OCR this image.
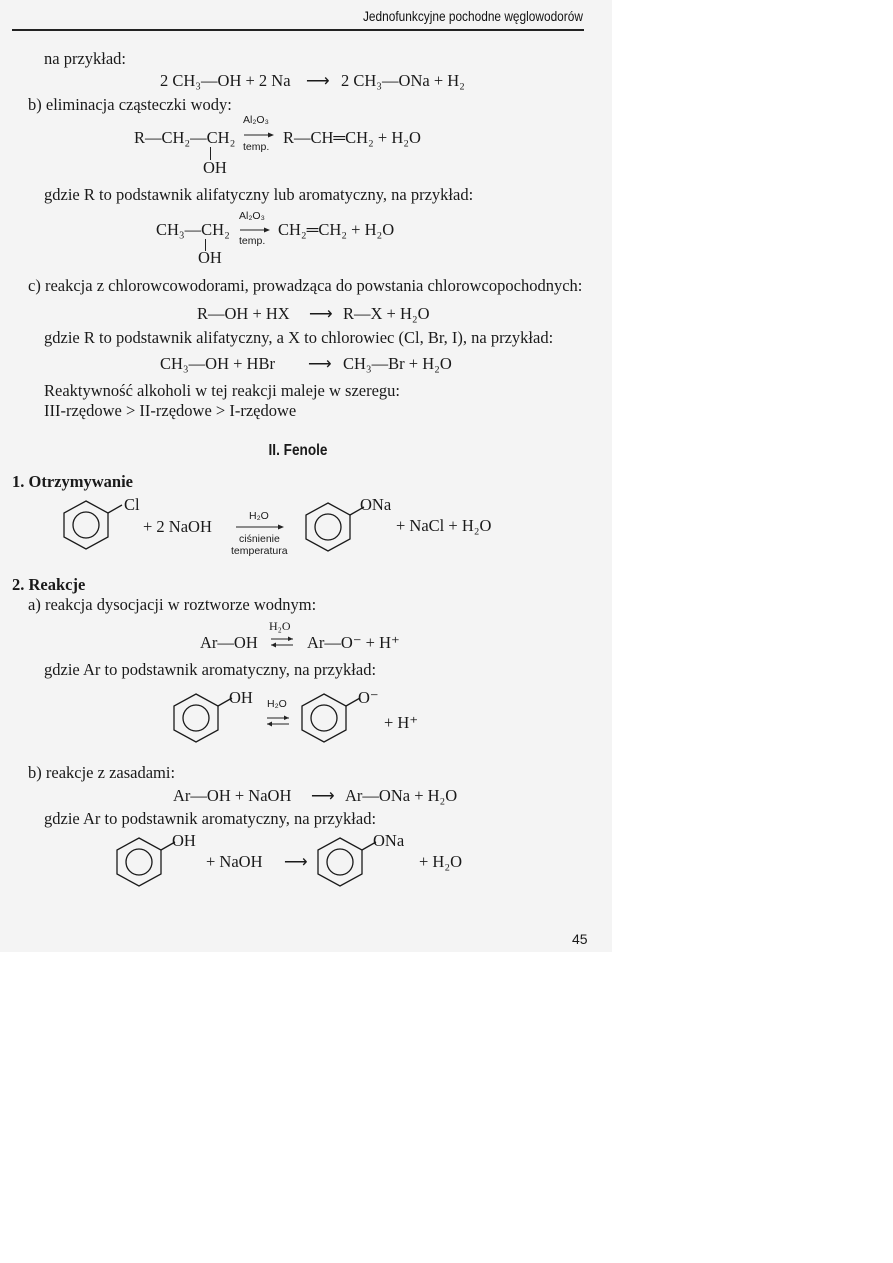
Jednofunkcyjne pochodne węglowodorów
na przykład:
2 CH₃—OH + 2 Na ⟶ 2 CH₃—ONa + H₂
b) eliminacja cząsteczki wody:
R—CH₂—CH₂
OH
Al₂O₃
temp. R—CH═CH₂ + H₂O
gdzie R to podstawnik alifatyczny lub aromatyczny, na przykład:
CH₃—CH₂
OH
Al₂O₃
temp.
CH₂═CH₂ + H₂O
c) reakcja z chlorowcowodorami, prowadząca do powstania chlorowcopochodnych:
R—OH + HX ⟶ R—X + H₂O
gdzie R to podstawnik alifatyczny, a X to chlorowiec (Cl, Br, I), na przykład:
CH₃—OH + HBr ⟶ CH₃—Br + H₂O
Reaktywność alkoholi w tej reakcji maleje w szeregu:
III-rzędowe > II-rzędowe > I-rzędowe
II. Fenole
1. Otrzymywanie
Cl
+ 2 NaOH
H₂O
ciśnienie
temperatura
ONa
+ NaCl + H₂O
2. Reakcje
a) reakcja dysocjacji w roztworze wodnym:
H₂O
Ar—OH ⇌ Ar—O⁻ + H⁺
gdzie Ar to podstawnik aromatyczny, na przykład:
OH H₂O	O⁻
+ H⁺
b) reakcje z zasadami:
Ar—OH + NaOH ⟶ Ar—ONa + H₂O
gdzie Ar to podstawnik aromatyczny, na przykład:
OH
+ NaOH ⟶
ONa
+ H₂O
45
